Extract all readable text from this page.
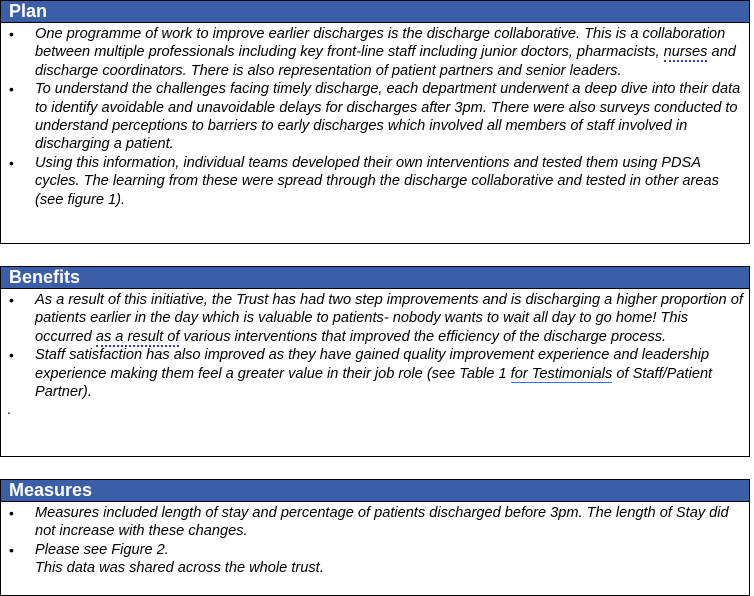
Plan
• One programme of work to improve earlier discharges is the discharge collaborative. This is a collaboration between multiple professionals including key front-line staff including junior doctors, pharmacists, nurses and discharge coordinators. There is also representation of patient partners and senior leaders.
• To understand the challenges facing timely discharge, each department underwent a deep dive into their data to identify avoidable and unavoidable delays for discharges after 3pm. There were also surveys conducted to understand perceptions to barriers to early discharges which involved all members of staff involved in discharging a patient.
• Using this information, individual teams developed their own interventions and tested them using PDSA cycles. The learning from these were spread through the discharge collaborative and tested in other areas (see figure 1).
Benefits
• As a result of this initiative, the Trust has had two step improvements and is discharging a higher proportion of patients earlier in the day which is valuable to patients- nobody wants to wait all day to go home! This occurred as a result of various interventions that improved the efficiency of the discharge process.
• Staff satisfaction has also improved as they have gained quality improvement experience and leadership experience making them feel a greater value in their job role (see Table 1 for Testimonials of Staff/Patient Partner).
.
Measures
• Measures included length of stay and percentage of patients discharged before 3pm. The length of Stay did not increase with these changes.
• Please see Figure 2.
This data was shared across the whole trust.
